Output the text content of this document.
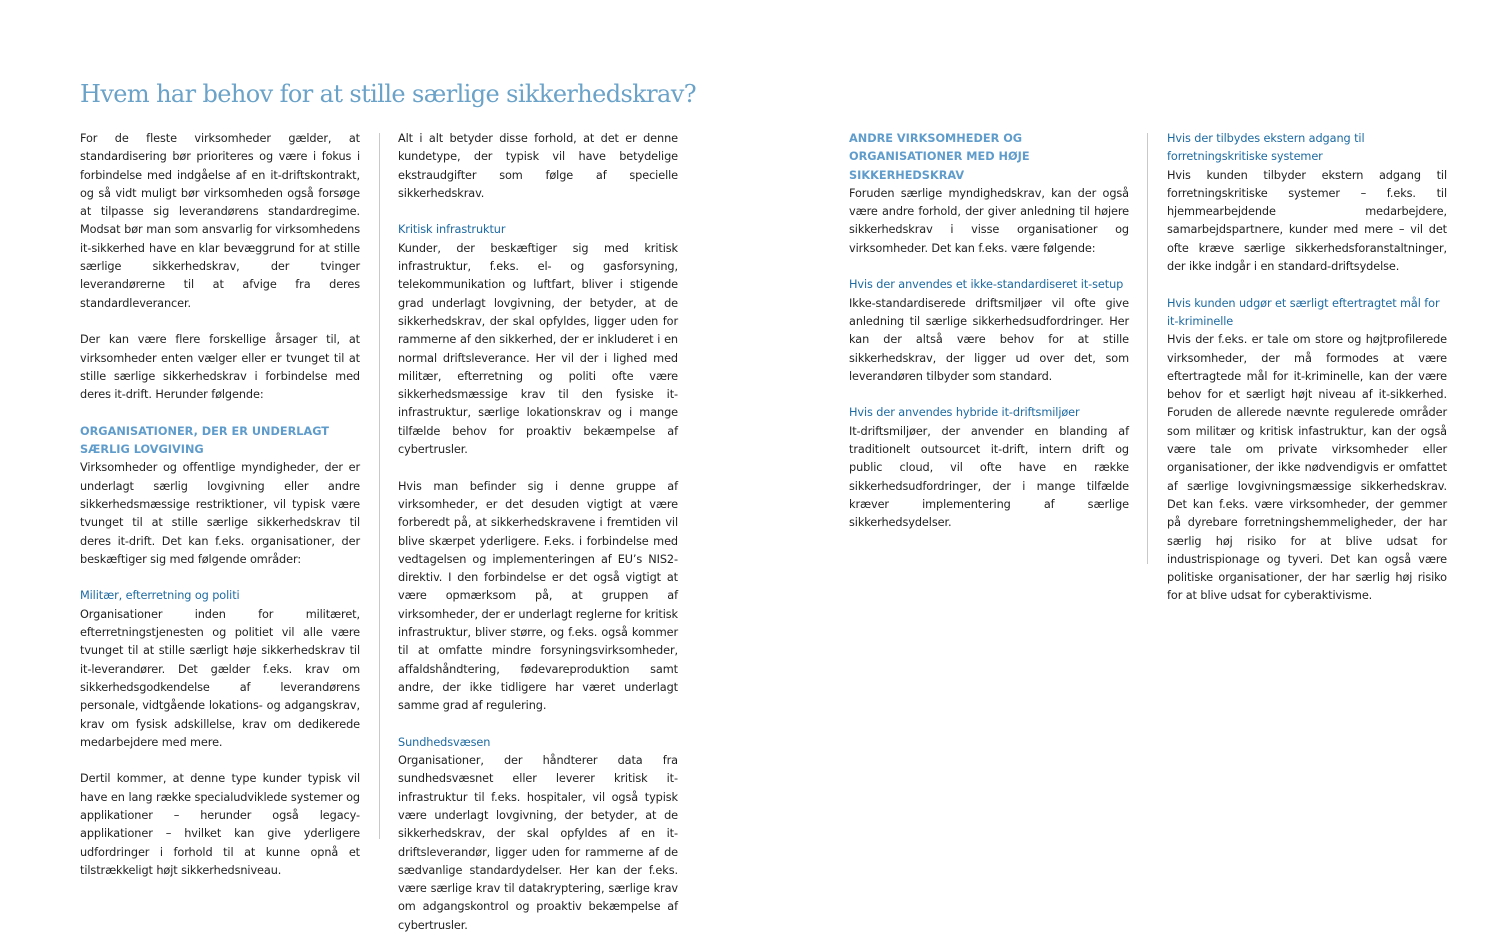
Hvem har behov for at stille særlige sikkerhedskrav?

For de fleste virksomheder gælder, at standardisering bør prioriteres og være i fokus i forbindelse med indgåelse af en it-driftskontrakt, og så vidt muligt bør virksomheden også forsøge at tilpasse sig leverandørens standardregime. Modsat bør man som ansvarlig for virksomhedens it-sikkerhed have en klar bevæggrund for at stille særlige sikkerhedskrav, der tvinger leverandørerne til at afvige fra deres standardleverancer.

Der kan være flere forskellige årsager til, at virksomheder enten vælger eller er tvunget til at stille særlige sikkerhedskrav i forbindelse med deres it-drift. Herunder følgende:

ORGANISATIONER, DER ER UNDERLAGT SÆRLIG LOVGIVING
Virksomheder og offentlige myndigheder, der er underlagt særlig lovgivning eller andre sikkerhedsmæssige restriktioner, vil typisk være tvunget til at stille særlige sikkerhedskrav til deres it-drift. Det kan f.eks. organisationer, der beskæftiger sig med følgende områder:
Militær, efterretning og politi
Organisationer inden for militæret, efterretningstjenesten og politiet vil alle være tvunget til at stille særligt høje sikkerhedskrav til it-leverandører. Det gælder f.eks. krav om sikkerhedsgodkendelse af leverandørens personale, vidtgående lokations- og adgangskrav, krav om fysisk adskillelse, krav om dedikerede medarbejdere med mere.

Dertil kommer, at denne type kunder typisk vil have en lang række specialudviklede systemer og applikationer – herunder også legacy-applikationer – hvilket kan give yderligere udfordringer i forhold til at kunne opnå et tilstrækkeligt højt sikkerhedsniveau.

Alt i alt betyder disse forhold, at det er denne kundetype, der typisk vil have betydelige ekstraudgifter som følge af specielle sikkerhedskrav.

Kritisk infrastruktur
Kunder, der beskæftiger sig med kritisk infrastruktur, f.eks. el- og gasforsyning, telekommunikation og luftfart, bliver i stigende grad underlagt lovgivning, der betyder, at de sikkerhedskrav, der skal opfyldes, ligger uden for rammerne af den sikkerhed, der er inkluderet i en normal driftsleverance. Her vil der i lighed med militær, efterretning og politi ofte være sikkerhedsmæssige krav til den fysiske it-infrastruktur, særlige lokationskrav og i mange tilfælde behov for proaktiv bekæmpelse af cybertrusler.

Hvis man befinder sig i denne gruppe af virksomheder, er det desuden vigtigt at være forberedt på, at sikkerhedskravene i fremtiden vil blive skærpet yderligere. F.eks. i forbindelse med vedtagelsen og implementeringen af EU’s NIS2-direktiv. I den forbindelse er det også vigtigt at være opmærksom på, at gruppen af virksomheder, der er underlagt reglerne for kritisk infrastruktur, bliver større, og f.eks. også kommer til at omfatte mindre forsyningsvirksomheder, affaldshåndtering, fødevareproduktion samt andre, der ikke tidligere har været underlagt samme grad af regulering.

Sundhedsvæsen
Organisationer, der håndterer data fra sundhedsvæsnet eller leverer kritisk it-infrastruktur til f.eks. hospitaler, vil også typisk være underlagt lovgivning, der betyder, at de sikkerhedskrav, der skal opfyldes af en it-driftsleverandør, ligger uden for rammerne af de sædvanlige standardydelser. Her kan der f.eks. være særlige krav til datakryptering, særlige krav om adgangskontrol og proaktiv bekæmpelse af cybertrusler.
ANDRE VIRKSOMHEDER OG ORGANISATIONER MED HØJE SIKKERHEDSKRAV
Foruden særlige myndighedskrav, kan der også være andre forhold, der giver anledning til højere sikkerhedskrav i visse organisationer og virksomheder. Det kan f.eks. være følgende:
Hvis der anvendes et ikke-standardiseret it-setup
Ikke-standardiserede driftsmiljøer vil ofte give anledning til særlige sikkerhedsudfordringer. Her kan der altså være behov for at stille sikkerhedskrav, der ligger ud over det, som leverandøren tilbyder som standard.
Hvis der anvendes hybride it-driftsmiljøer
It-driftsmiljøer, der anvender en blanding af traditionelt outsourcet it-drift, intern drift og public cloud, vil ofte have en række sikkerhedsudfordringer, der i mange tilfælde kræver implementering af særlige sikkerhedsydelser.
Hvis der tilbydes ekstern adgang til forretningskritiske systemer
Hvis kunden tilbyder ekstern adgang til forretningskritiske systemer – f.eks. til hjemmearbejdende medarbejdere, samarbejdspartnere, kunder med mere – vil det ofte kræve særlige sikkerhedsforanstaltninger, der ikke indgår i en standard-driftsydelse.
Hvis kunden udgør et særligt eftertragtet mål for it-kriminelle
Hvis der f.eks. er tale om store og højtprofilerede virksomheder, der må formodes at være eftertragtede mål for it-kriminelle, kan der være behov for et særligt højt niveau af it-sikkerhed. Foruden de allerede nævnte regulerede områder som militær og kritisk infastruktur, kan der også være tale om private virksomheder eller organisationer, der ikke nødvendigvis er omfattet af særlige lovgivningsmæssige sikkerhedskrav. Det kan f.eks. være virksomheder, der gemmer på dyrebare forretningshemmeligheder, der har særlig høj risiko for at blive udsat for industrispionage og tyveri. Det kan også være politiske organisationer, der har særlig høj risiko for at blive udsat for cyberaktivisme.
